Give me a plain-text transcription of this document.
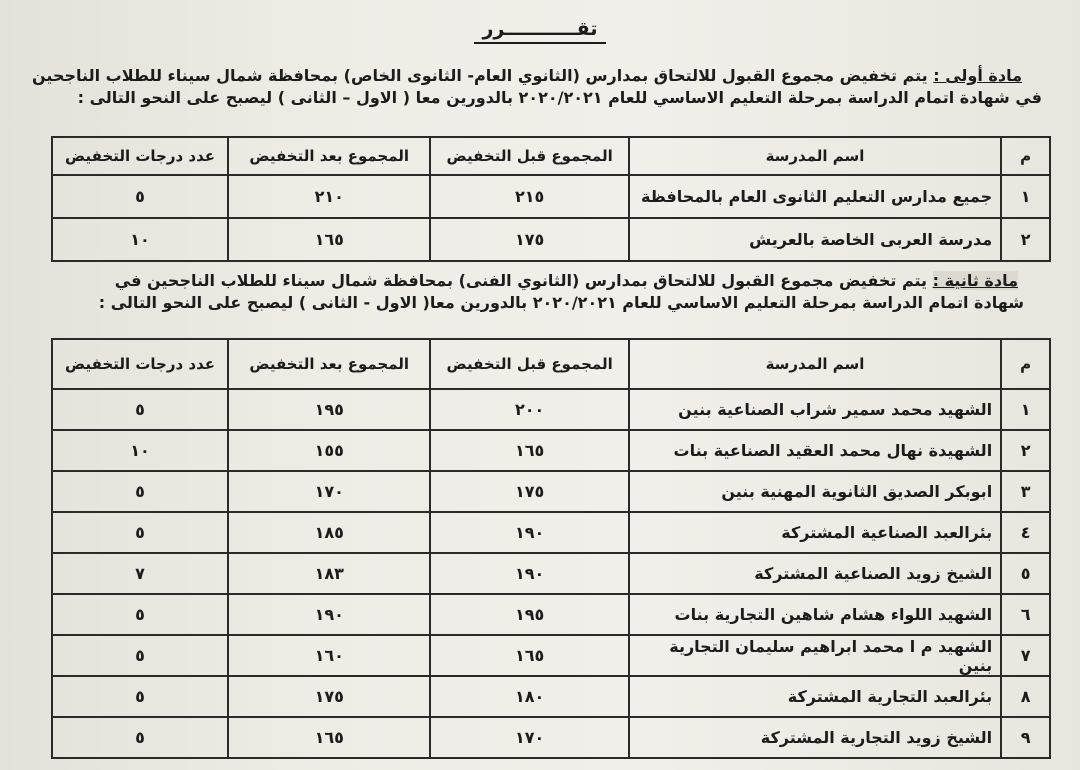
تقـــــــــــرر
مادة أولى : يتم تخفيض مجموع القبول للالتحاق بمدارس (الثانوي العام- الثانوى الخاص) بمحافظة شمال سيناء للطلاب الناجحين
في شهادة اتمام الدراسة بمرحلة التعليم الاساسي للعام ٢٠٢٠/٢٠٢١ بالدورين معا ( الاول – الثانى ) ليصبح على النحو التالى :
م	اسم المدرسة	المجموع قبل التخفيض	المجموع بعد التخفيض	عدد درجات التخفيض
١	جميع مدارس التعليم الثانوى العام بالمحافظة	٢١٥	٢١٠	٥
٢	مدرسة العربى الخاصة بالعريش	١٧٥	١٦٥	١٠
مادة ثانية : يتم تخفيض مجموع القبول للالتحاق بمدارس (الثانوي الفنى) بمحافظة شمال سيناء للطلاب الناجحين في
شهادة اتمام الدراسة بمرحلة التعليم الاساسي للعام ٢٠٢٠/٢٠٢١ بالدورين معا( الاول - الثانى ) ليصبح على النحو التالى :
م	اسم المدرسة	المجموع قبل التخفيض	المجموع بعد التخفيض	عدد درجات التخفيض
١	الشهيد محمد سمير شراب الصناعية بنين	٢٠٠	١٩٥	٥
٢	الشهيدة نهال محمد العقيد الصناعية بنات	١٦٥	١٥٥	١٠
٣	ابوبكر الصديق الثانوية المهنية بنين	١٧٥	١٧٠	٥
٤	بئرالعبد الصناعية المشتركة	١٩٠	١٨٥	٥
٥	الشيخ زويد الصناعية المشتركة	١٩٠	١٨٣	٧
٦	الشهيد اللواء هشام شاهين التجارية بنات	١٩٥	١٩٠	٥
٧	الشهيد م ا محمد ابراهيم سليمان التجارية بنين	١٦٥	١٦٠	٥
٨	بئرالعبد التجارية المشتركة	١٨٠	١٧٥	٥
٩	الشيخ زويد التجارية المشتركة	١٧٠	١٦٥	٥
